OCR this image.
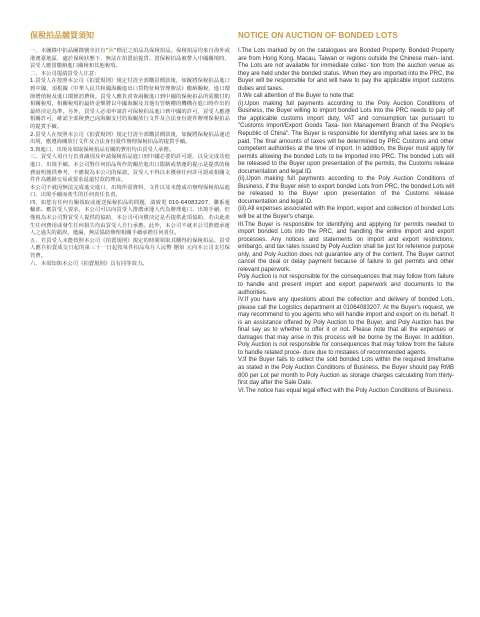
保稅拍品競買須知
一、本圖錄中拍品圖錄號旁註有“圖”標記之拍品為保稅拍品。保稅拍品均來自海外或港澳臺地區，處於保稅狀態下，無法在拍賣前提貨。當保稅拍品被帶入中國關境時，買受人應當繳納進口關稅和其他稅項。
二、本公司提請買受人注意：
1.買受人在按照本公司《拍賣規則》規定付清全部購買價款後，如擬將保稅拍品進口到中國，須根據《中華人民共和國海關進出口貨物征稅管理辦法》繳納關稅，進口環節增值稅及進口環節消費稅。買受人應負責查詢擬進口到中國的保稅拍品所需繳付的相關稅項，相關稅項的最終金額將以中國海關及其他有管轄權的機構在進口時作出的最終決定為準。另外，買受人必須申請許可保稅拍品進口到中國的許可，買受人應遵相關許可，確認全部稅費已向海關支付的海關放行文件及合法身份證件辦理保稅拍品的提貨手續。
2.買受人在按照本公司《拍賣規則》規定付清全部購買價款後，如擬將保稅拍品運送出境，應遵海關放行文件及合法身份證件辦理保稅拍品的提貨手續。
3.與進口、出境及領取保稅拍品有關的費用均由買受人承擔。
三、買受人須自行負責識別及申請保稅拍品進口到中國必要的許可證，以及完成其他進口、出境手續。本公司對任何拍品所作的關於進出口限制或禁運的提示是提供的稅費說明僅供參考，不應視為本公司的保證。買受人不得以未獲發任何許可證或相關文件作為撤銷交易或要求退還付款的理由。
本公司不就因無法完成進交進口、出境所需資料、文件以及未能成功辦理保稅拍品進口、出境手續而產生的任何責任負責。
四、如您有任何有關領取或運送保稅拍品的問題，請致電 010-64083207，聯系運輸部。應買受人要求，本公司可以向買受人推薦承運人代為辦理進口、出境手續，但僅視為本公司對買受人提供的協助，本公司可向償決定是否提供此項協助，若由此產生任何費用或發生任何損失均由買受人自行承擔。此外，本公司不就本公司推薦承運人之過失的錯誤，遺漏，無法協助辦理相關手續承擔任何責任。
五、若買受人未能按照本公司《拍賣規則》規定的時間領取其購得的保稅拍品，買受人應自拍賣成交日起的第三十一日起按每件拍品每月人民幣 捌佰 元向本公司支付保管費。
六、本須知與本公司《拍賣規則》具有同等效力。
NOTICE ON AUCTION OF BONDED LOTS
I.The Lots marked by on the catalogues are Bonded Property. Bonded Property are from Hong Kong, Macau, Taiwan or regions outside the Chinese main- land. The Lots are not available for immediate collec- tion from the auction venue as they are held under the bonded status. When they are imported into the PRC, the Buyer will be responsible for and will have to pay the applicable import customs duties and taxes.
II.We call attention of the Buyer to note that:
(i).Upon making full payments according to the Poly Auction Conditions of Business, the Buyer willing to import bonded Lots into the PRC needs to pay off the applicable customs import duty, VAT and consumption tax pursuant to "Customs Import/Export Goods Taxa- tion Management Branch of the People's Republic of China". The Buyer is responsible for identifying what taxes are to be paid. The final amounts of taxes will be determined by PRC Customs and other competent authorities at the time of import. In addition, the Buyer must apply for permits allowing the bonded Lots to be imported into PRC. The bonded Lots will be released to the Buyer upon presentation of the permits, the Customs release documentation and legal ID.
(ii).Upon making full payments according to the Poly Auction Conditions of Business, if the Buyer wish to export bonded Lots from PRC, the bonded Lots will be released to the Buyer upon presentation of the Customs release documentation and legal ID.
(iii).All expenses associated with the import, export and collection of bonded Lots will be at the Buyer's charge.
III.The Buyer is responsible for identifying and applying for permits needed to import bonded Lots into the PRC, and handling the entire import and export processes. Any notices and statements on import and export restrictions, embargo, and tax rates issued by Poly Auction shall be just for reference purpose only, and Poly Auction does not guarantee any of the content. The Buyer cannot cancel the deal or delay payment because of failure to get permits and other relevant paperwork.
Poly Auction is not responsible for the consequences that may follow from failure to handle and present import and export paperwork and documents to the authorities.
IV.If you have any questions about the collection and delivery of bonded Lots, please call the Logistics department at 01064083207. At the Buyer's request, we may recommend to you agents who will handle import and export on its behalf. It is an assistance offered by Poly Auction to the Buyer, and Poly Auction has the final say as to whether to offer it or not. Please note that all the expenses or damages that may arise in this process will be borne by the Buyer. In addition, Poly Auction is not responsible for consequences that may follow from the failure to handle related proce- dure due to mistakes of recommended agents.
V.If the Buyer fails to collect the sold bonded Lots within the required timeframe as stated in the Poly Auction Conditions of Business, the Buyer should pay RMB 800 per Lot per month to Poly Auction as storage charges calculating from thirty-first day after the Sale Date.
VI.The notice has equal legal effect with the Poly Auction Conditions of Business.
